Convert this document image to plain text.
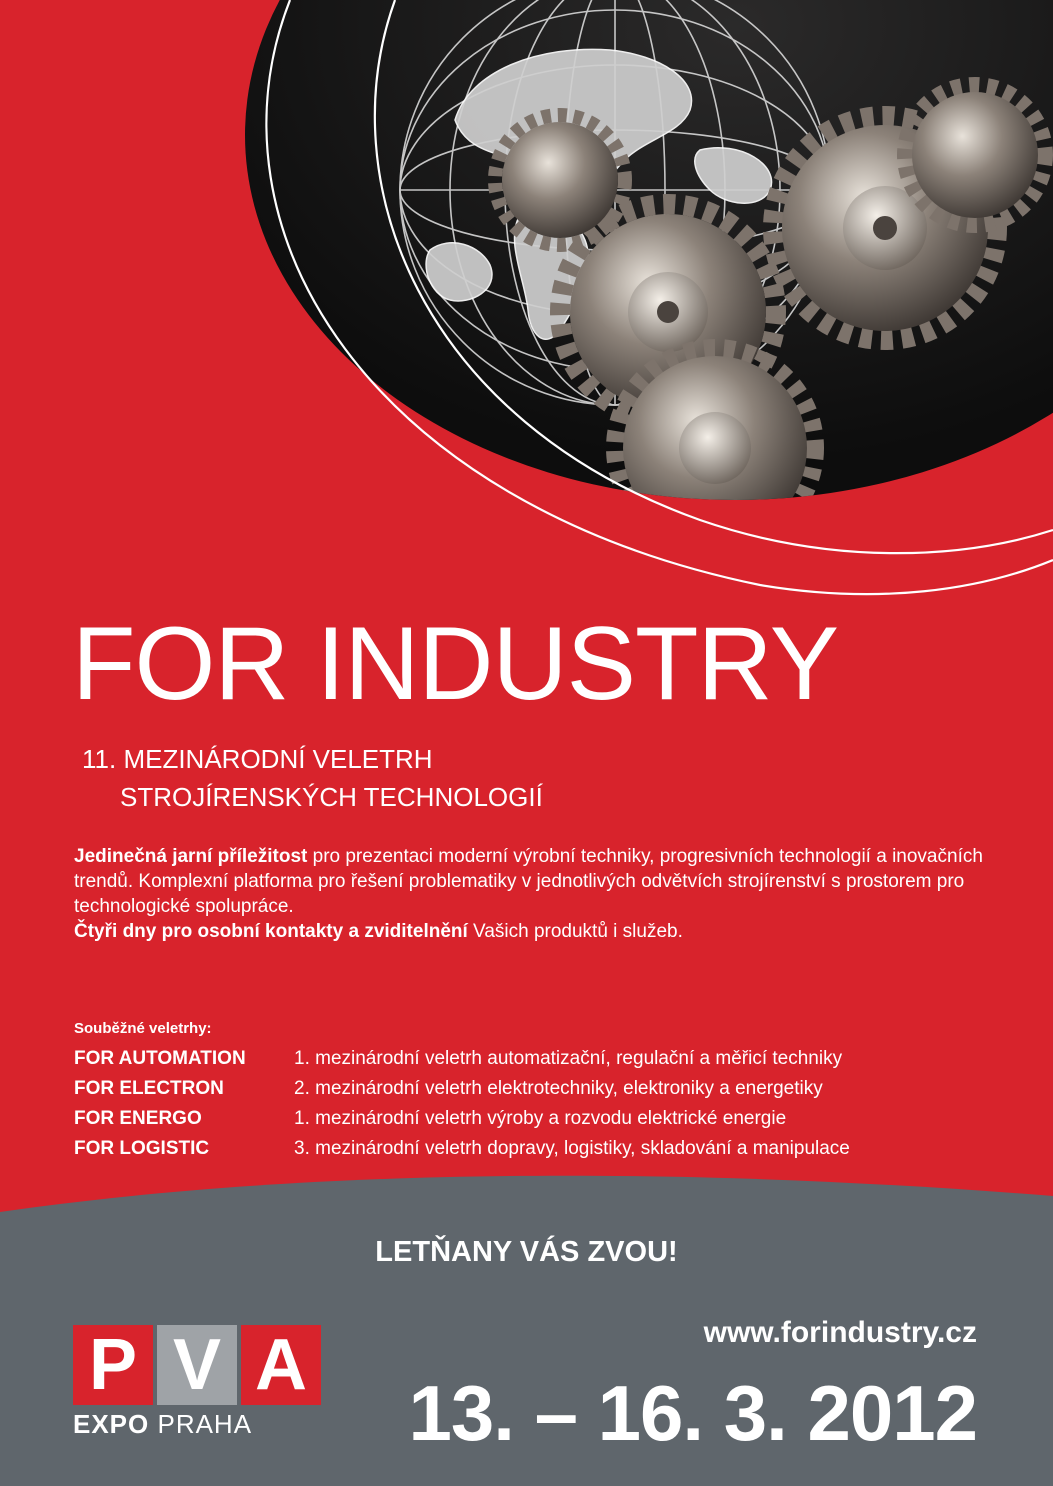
FOR INDUSTRY
11. MEZINÁRODNÍ VELETRH
STROJÍRENSKÝCH TECHNOLOGIÍ
Jedinečná jarní příležitost pro prezentaci moderní výrobní techniky, progresivních technologií a inovačních trendů. Komplexní platforma pro řešení problematiky v jednotlivých odvětvích strojírenství s prostorem pro technologické spolupráce.
Čtyři dny pro osobní kontakty a zviditelnění Vašich produktů i služeb.
Souběžné veletrhy:
FOR AUTOMATION	1. mezinárodní veletrh automatizační, regulační a měřicí techniky
FOR ELECTRON	2. mezinárodní veletrh elektrotechniky, elektroniky a energetiky
FOR ENERGO	1. mezinárodní veletrh výroby a rozvodu elektrické energie
FOR LOGISTIC	3. mezinárodní veletrh dopravy, logistiky, skladování a manipulace
LETŇANY VÁS ZVOU!
P V A
EXPO PRAHA
www.forindustry.cz
13. – 16. 3. 2012
